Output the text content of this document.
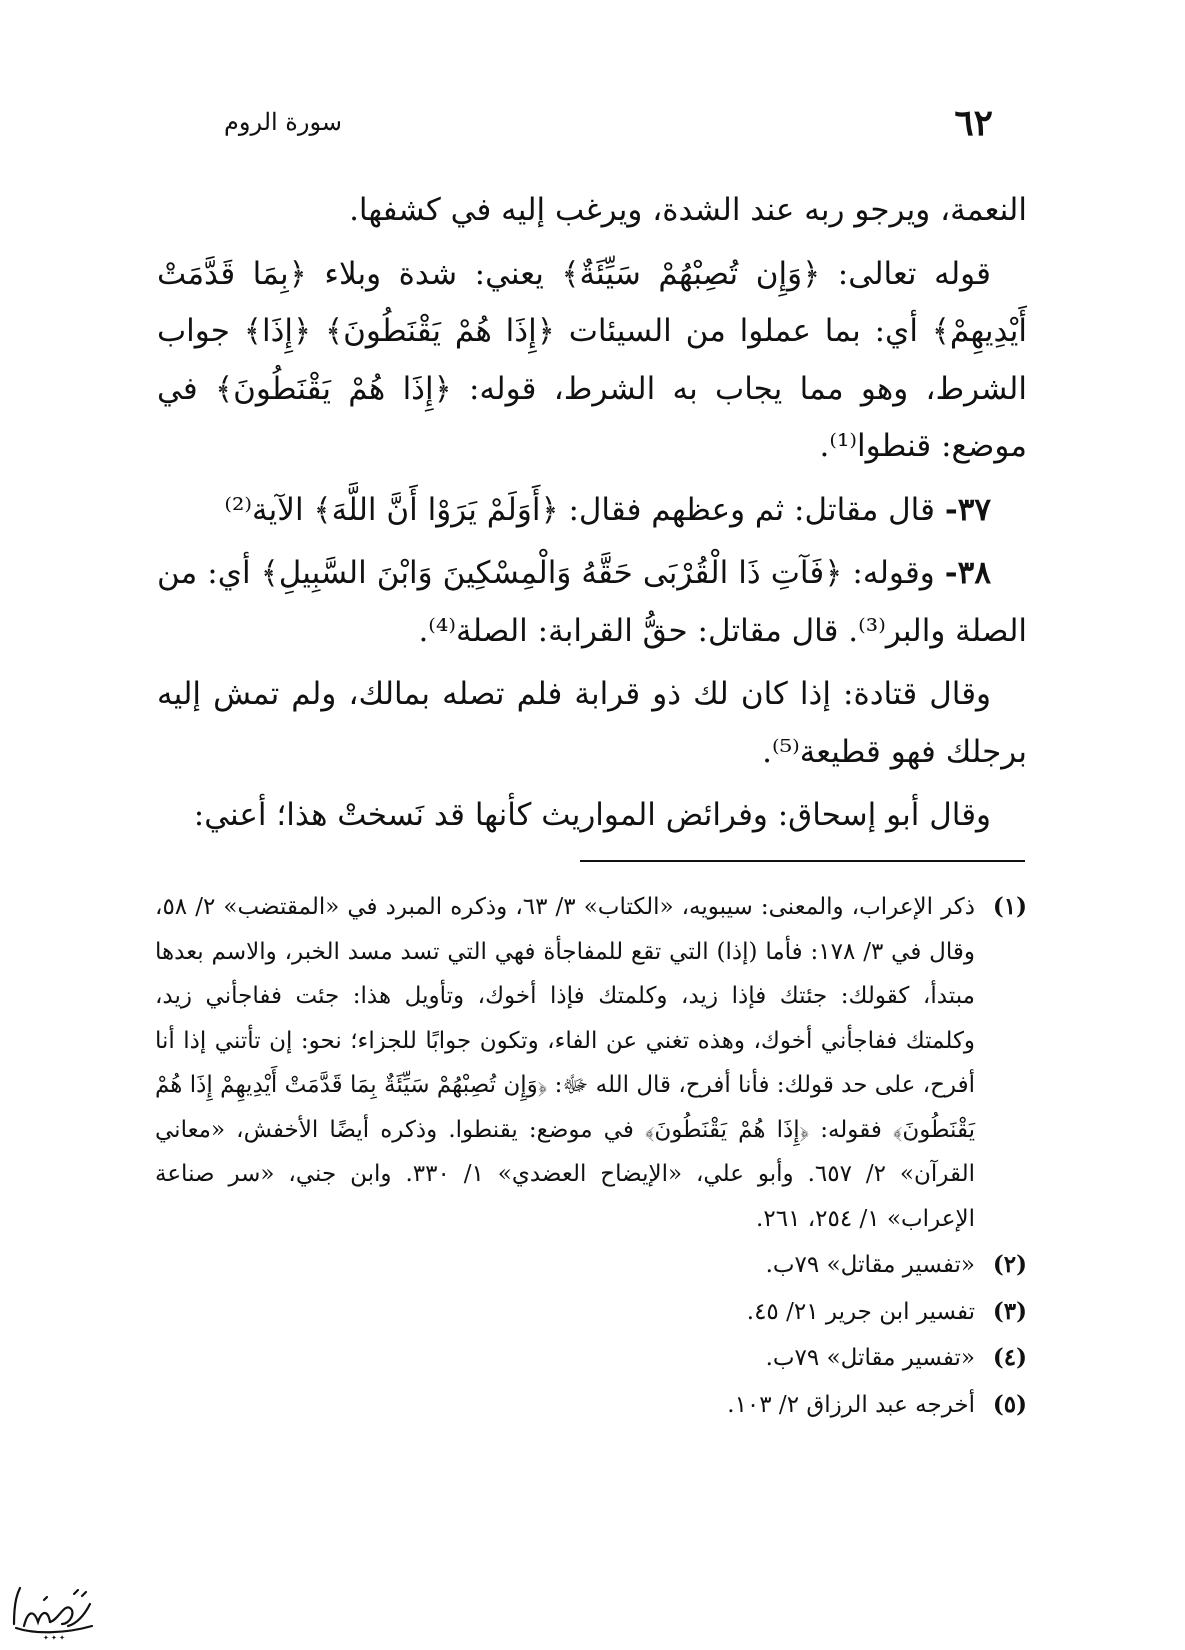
٦٢
سورة الروم

النعمة، ويرجو ربه عند الشدة، ويرغب إليه في كشفها.

قوله تعالى: ﴿وَإِن تُصِبْهُمْ سَيِّئَةٌ﴾ يعني: شدة وبلاء ﴿بِمَا قَدَّمَتْ أَيْدِيهِمْ﴾ أي: بما عملوا من السيئات ﴿إِذَا هُمْ يَقْنَطُونَ﴾ ﴿إِذَا﴾ جواب الشرط، وهو مما يجاب به الشرط، قوله: ﴿إِذَا هُمْ يَقْنَطُونَ﴾ في موضع: قنطوا⁽¹⁾.

٣٧- قال مقاتل: ثم وعظهم فقال: ﴿أَوَلَمْ يَرَوْا أَنَّ اللَّهَ﴾ الآية⁽²⁾

٣٨- وقوله: ﴿فَآتِ ذَا الْقُرْبَى حَقَّهُ وَالْمِسْكِينَ وَابْنَ السَّبِيلِ﴾ أي: من الصلة والبر⁽³⁾. قال مقاتل: حقُّ القرابة: الصلة⁽⁴⁾.

وقال قتادة: إذا كان لك ذو قرابة فلم تصله بمالك، ولم تمش إليه برجلك فهو قطيعة⁽⁵⁾.

وقال أبو إسحاق: وفرائض المواريث كأنها قد نَسختْ هذا؛ أعني:

(١)
ذكر الإعراب، والمعنى: سيبويه، «الكتاب» ٣/ ٦٣، وذكره المبرد في «المقتضب» ٢/ ٥٨، وقال في ٣/ ١٧٨: فأما (إذا) التي تقع للمفاجأة فهي التي تسد مسد الخبر، والاسم بعدها مبتدأ، كقولك: جئتك فإذا زيد، وكلمتك فإذا أخوك، وتأويل هذا: جئت ففاجأني زيد، وكلمتك ففاجأني أخوك، وهذه تغني عن الفاء، وتكون جوابًا للجزاء؛ نحو: إن تأتني إذا أنا أفرح، على حد قولك: فأنا أفرح، قال الله ﷻ: ﴿وَإِن تُصِبْهُمْ سَيِّئَةٌ بِمَا قَدَّمَتْ أَيْدِيهِمْ إِذَا هُمْ يَقْنَطُونَ﴾ فقوله: ﴿إِذَا هُمْ يَقْنَطُونَ﴾ في موضع: يقنطوا. وذكره أيضًا الأخفش، «معاني القرآن» ٢/ ٦٥٧. وأبو علي، «الإيضاح العضدي» ١/ ٣٣٠. وابن جني، «سر صناعة الإعراب» ١/ ٢٥٤، ٢٦١.
(٢)
«تفسير مقاتل» ٧٩ب.
(٣)
تفسير ابن جرير ٢١/ ٤٥.
(٤)
«تفسير مقاتل» ٧٩ب.
(٥)
أخرجه عبد الرزاق ٢/ ١٠٣.
✦ ✦ ✦
